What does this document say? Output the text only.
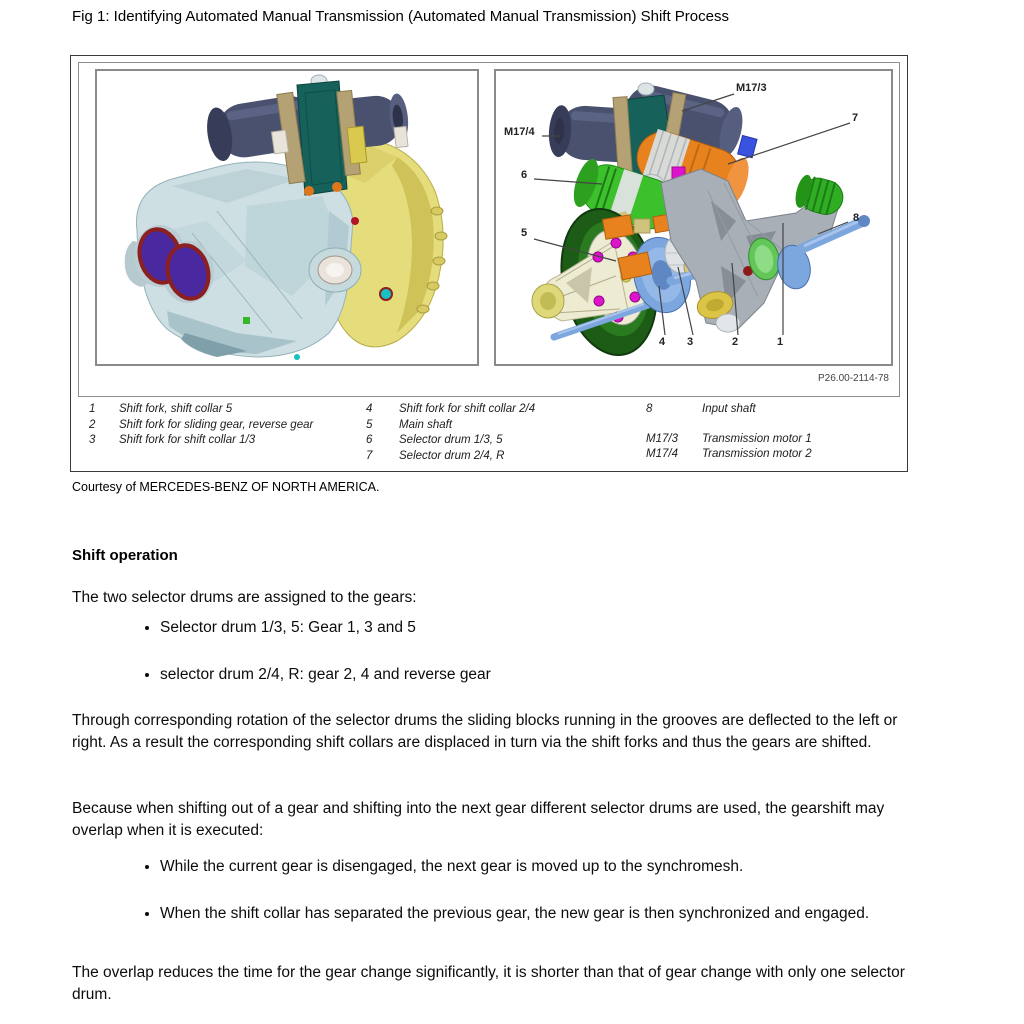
Fig 1: Identifying Automated Manual Transmission (Automated Manual Transmission) Shift Process
M17/3
7
M17/4
6
5
8
4 3	2	1
P26.00-2114-78
1	Shift fork, shift collar 5
2	Shift fork for sliding gear, reverse gear
3	Shift fork for shift collar 1/3
4	Shift fork for shift collar 2/4
5	Main shaft
6	Selector drum 1/3, 5
7	Selector drum 2/4, R
8	Input shaft
M17/3	Transmission motor 1
M17/4	Transmission motor 2
Courtesy of MERCEDES-BENZ OF NORTH AMERICA.
Shift operation
The two selector drums are assigned to the gears:
• Selector drum 1/3, 5: Gear 1, 3 and 5
• selector drum 2/4, R: gear 2, 4 and reverse gear
Through corresponding rotation of the selector drums the sliding blocks running in the grooves are deflected to the left or right. As a result the corresponding shift collars are displaced in turn via the shift forks and thus the gears are shifted.
Because when shifting out of a gear and shifting into the next gear different selector drums are used, the gearshift may overlap when it is executed:
• While the current gear is disengaged, the next gear is moved up to the synchromesh.
• When the shift collar has separated the previous gear, the new gear is then synchronized and engaged.
The overlap reduces the time for the gear change significantly, it is shorter than that of gear change with only one selector drum.
